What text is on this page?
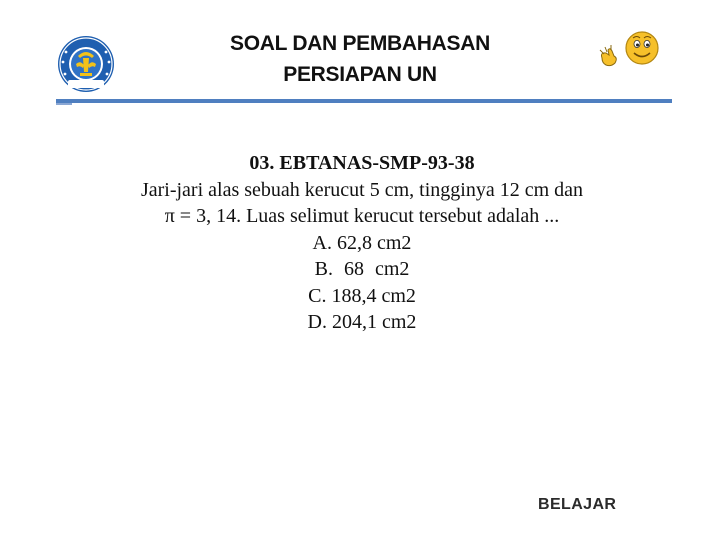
SOAL DAN PEMBAHASAN
PERSIAPAN UN
03. EBTANAS-SMP-93-38
Jari-jari alas sebuah kerucut 5 cm, tingginya 12 cm dan
π = 3, 14. Luas selimut kerucut tersebut adalah ...
A. 62,8 cm2
B. 68 cm2
C. 188,4 cm2
D. 204,1 cm2
BELAJAR
